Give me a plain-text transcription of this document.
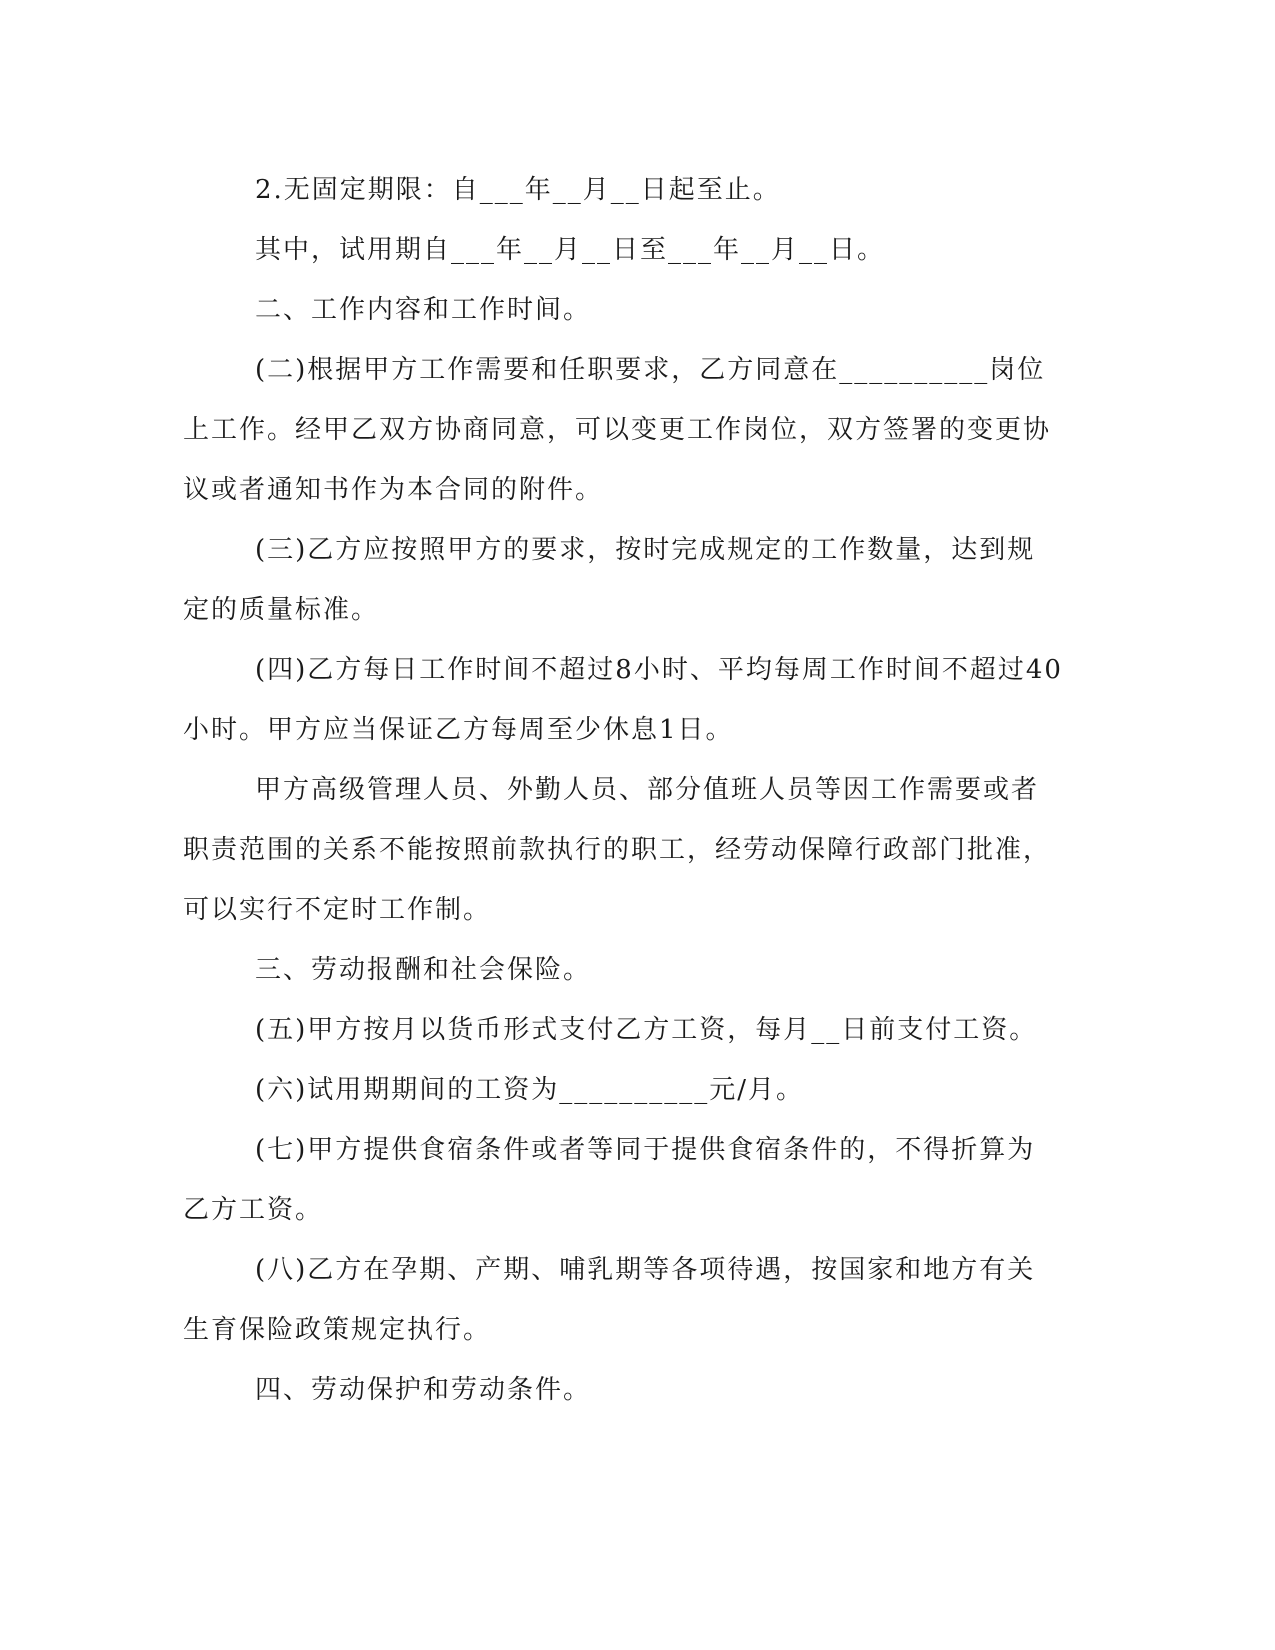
2.无固定期限：自___年__月__日起至止。

其中，试用期自___年__月__日至___年__月__日。

二、工作内容和工作时间。

(二)根据甲方工作需要和任职要求，乙方同意在__________岗位上工作。经甲乙双方协商同意，可以变更工作岗位，双方签署的变更协议或者通知书作为本合同的附件。

(三)乙方应按照甲方的要求，按时完成规定的工作数量，达到规定的质量标准。

(四)乙方每日工作时间不超过8小时、平均每周工作时间不超过40小时。甲方应当保证乙方每周至少休息1日。

甲方高级管理人员、外勤人员、部分值班人员等因工作需要或者职责范围的关系不能按照前款执行的职工，经劳动保障行政部门批准，可以实行不定时工作制。

三、劳动报酬和社会保险。

(五)甲方按月以货币形式支付乙方工资，每月__日前支付工资。

(六)试用期期间的工资为__________元/月。

(七)甲方提供食宿条件或者等同于提供食宿条件的，不得折算为乙方工资。

(八)乙方在孕期、产期、哺乳期等各项待遇，按国家和地方有关生育保险政策规定执行。

四、劳动保护和劳动条件。
